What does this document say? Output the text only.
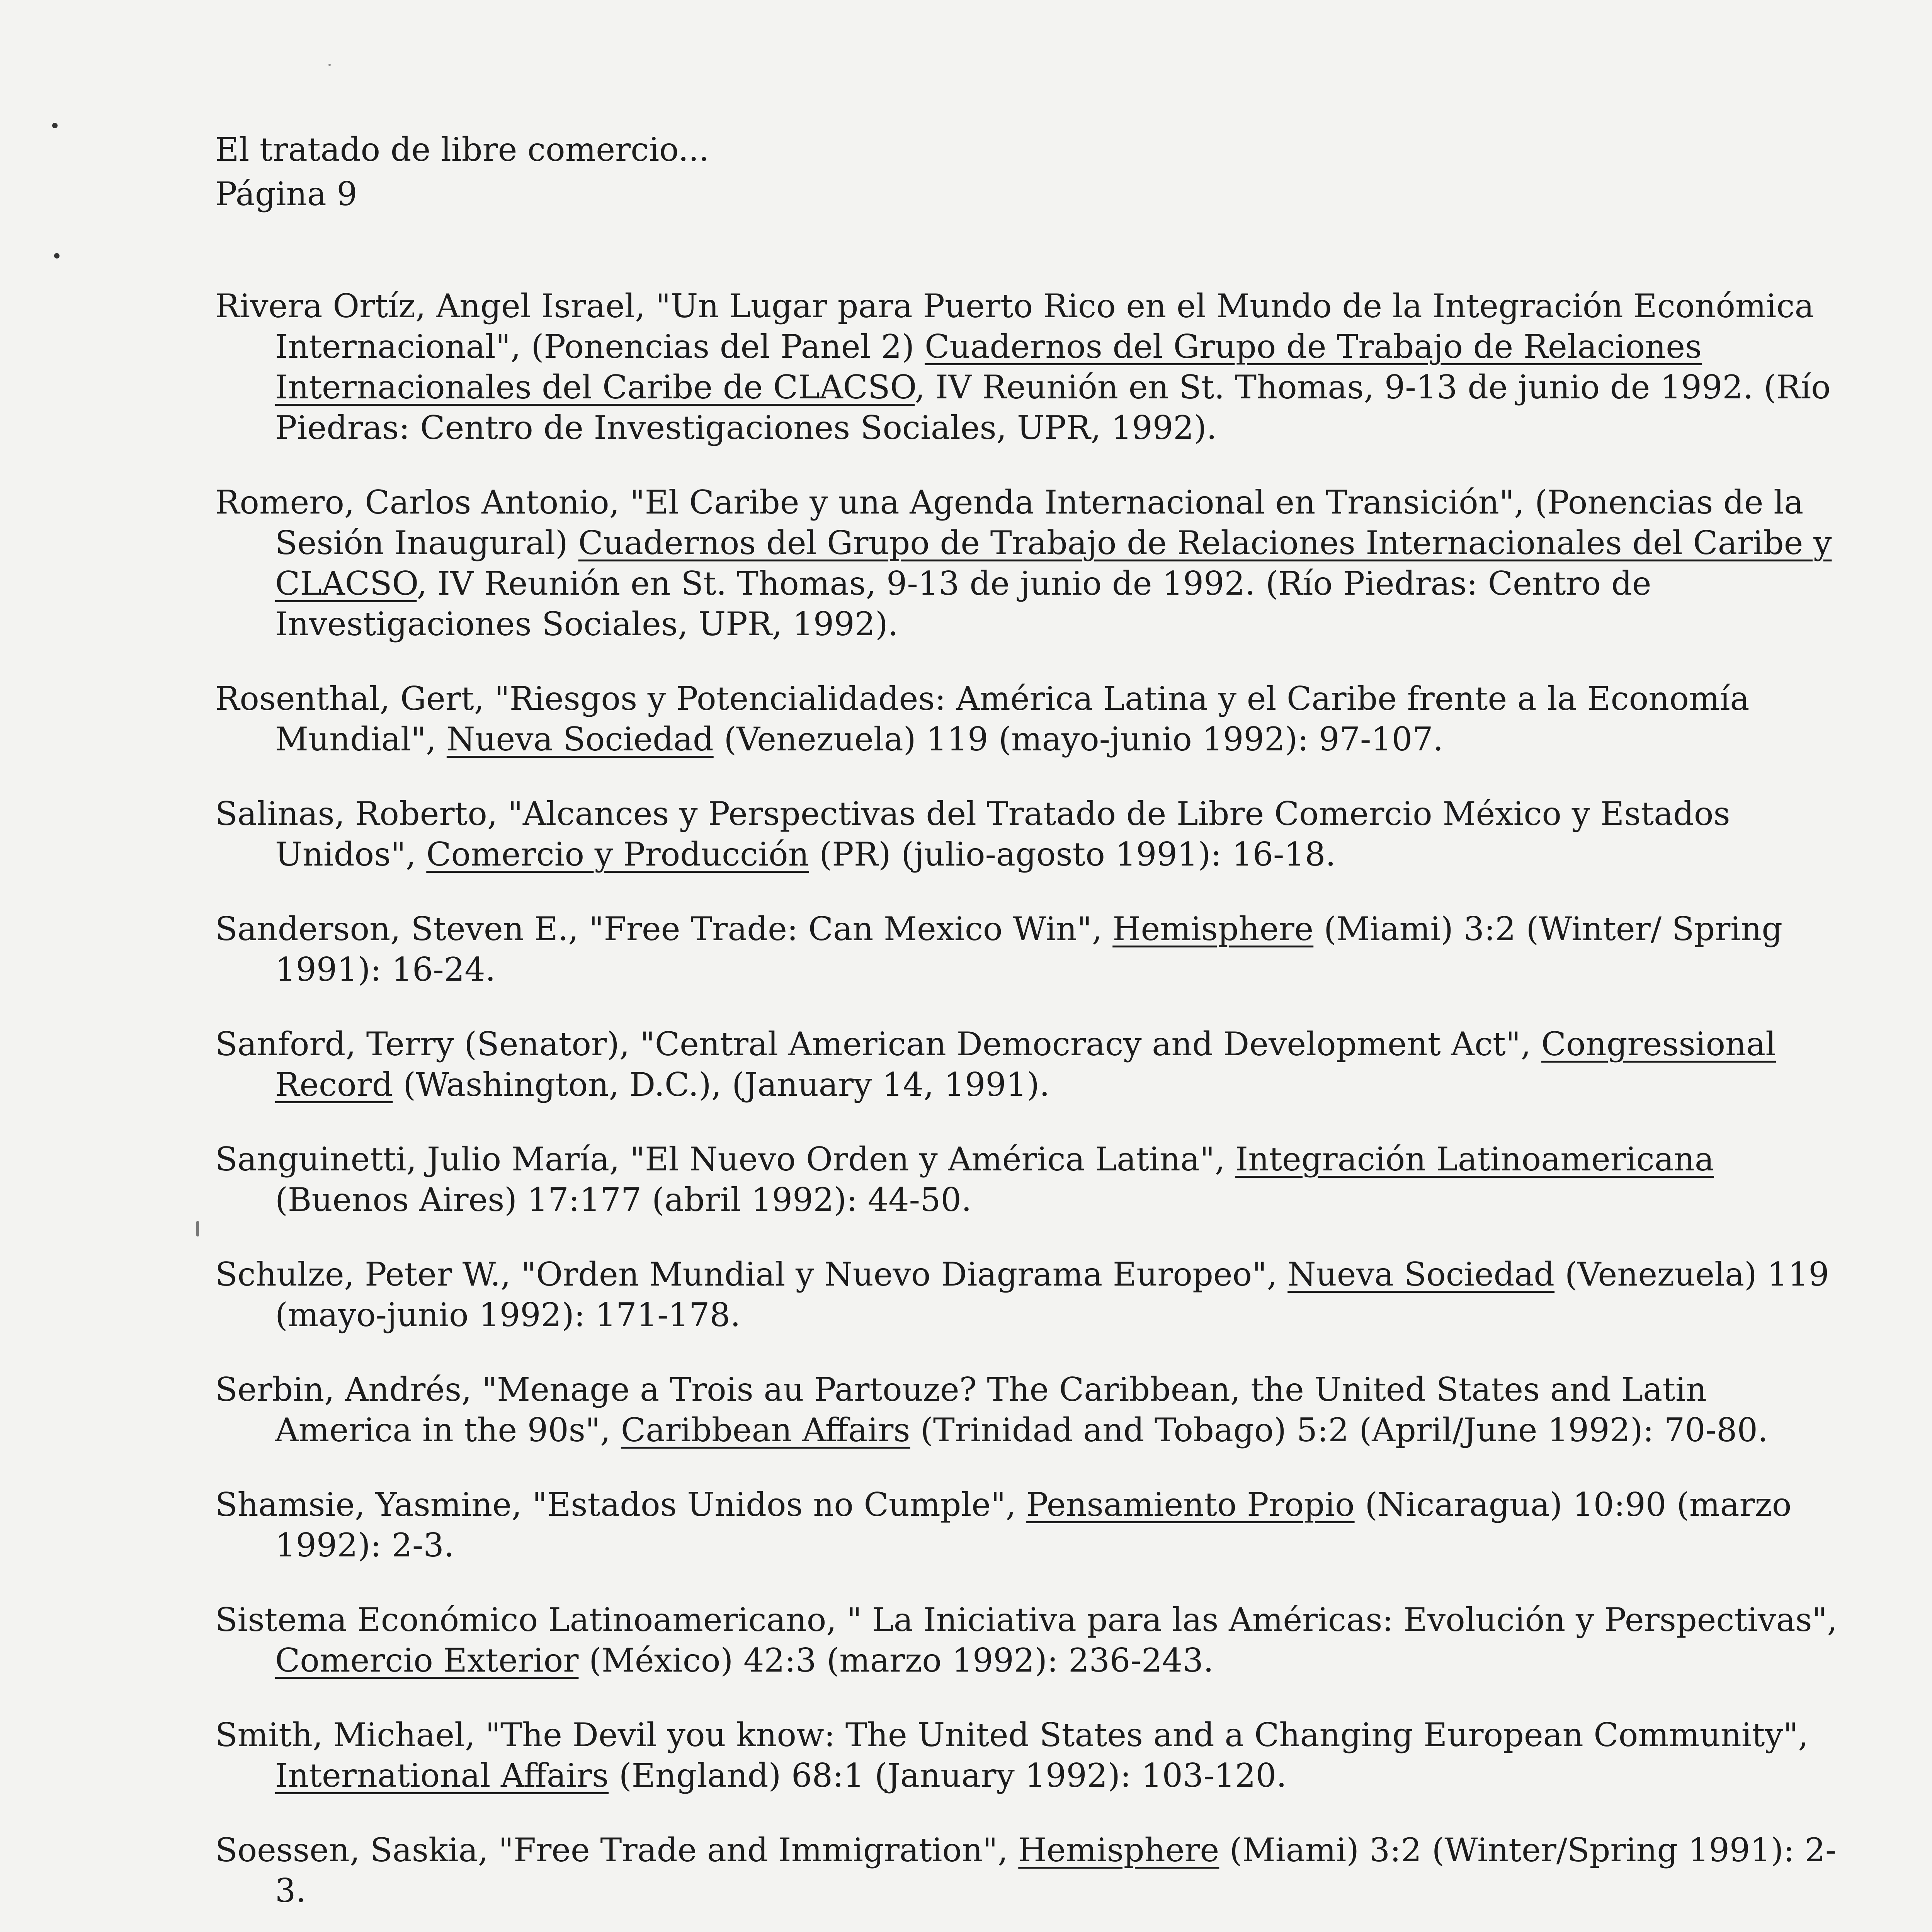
El tratado de libre comercio...
Página 9

Rivera Ortíz, Angel Israel, "Un Lugar para Puerto Rico en el Mundo de la Integración Económica Internacional", (Ponencias del Panel 2) Cuadernos del Grupo de Trabajo de Relaciones Internacionales del Caribe de CLACSO, IV Reunión en St. Thomas, 9-13 de junio de 1992. (Río Piedras: Centro de Investigaciones Sociales, UPR, 1992).

Romero, Carlos Antonio, "El Caribe y una Agenda Internacional en Transición", (Ponencias de la Sesión Inaugural) Cuadernos del Grupo de Trabajo de Relaciones Internacionales del Caribe y CLACSO, IV Reunión en St. Thomas, 9-13 de junio de 1992. (Río Piedras: Centro de Investigaciones Sociales, UPR, 1992).

Rosenthal, Gert, "Riesgos y Potencialidades: América Latina y el Caribe frente a la Economía Mundial", Nueva Sociedad (Venezuela) 119 (mayo-junio 1992): 97-107.

Salinas, Roberto, "Alcances y Perspectivas del Tratado de Libre Comercio México y Estados Unidos", Comercio y Producción (PR) (julio-agosto 1991): 16-18.

Sanderson, Steven E., "Free Trade: Can Mexico Win", Hemisphere (Miami) 3:2 (Winter/ Spring 1991): 16-24.

Sanford, Terry (Senator), "Central American Democracy and Development Act", Congressional Record (Washington, D.C.), (January 14, 1991).

Sanguinetti, Julio María, "El Nuevo Orden y América Latina", Integración Latinoamericana (Buenos Aires) 17:177 (abril 1992): 44-50.

Schulze, Peter W., "Orden Mundial y Nuevo Diagrama Europeo", Nueva Sociedad (Venezuela) 119 (mayo-junio 1992): 171-178.

Serbin, Andrés, "Menage a Trois au Partouze? The Caribbean, the United States and Latin America in the 90s", Caribbean Affairs (Trinidad and Tobago) 5:2 (April/June 1992): 70-80.

Shamsie, Yasmine, "Estados Unidos no Cumple", Pensamiento Propio (Nicaragua) 10:90 (marzo 1992): 2-3.

Sistema Económico Latinoamericano, " La Iniciativa para las Américas: Evolución y Perspectivas", Comercio Exterior (México) 42:3 (marzo 1992): 236-243.

Smith, Michael, "The Devil you know: The United States and a Changing European Community", International Affairs (England) 68:1 (January 1992): 103-120.

Soessen, Saskia, "Free Trade and Immigration", Hemisphere (Miami) 3:2 (Winter/Spring 1991): 2-3.
